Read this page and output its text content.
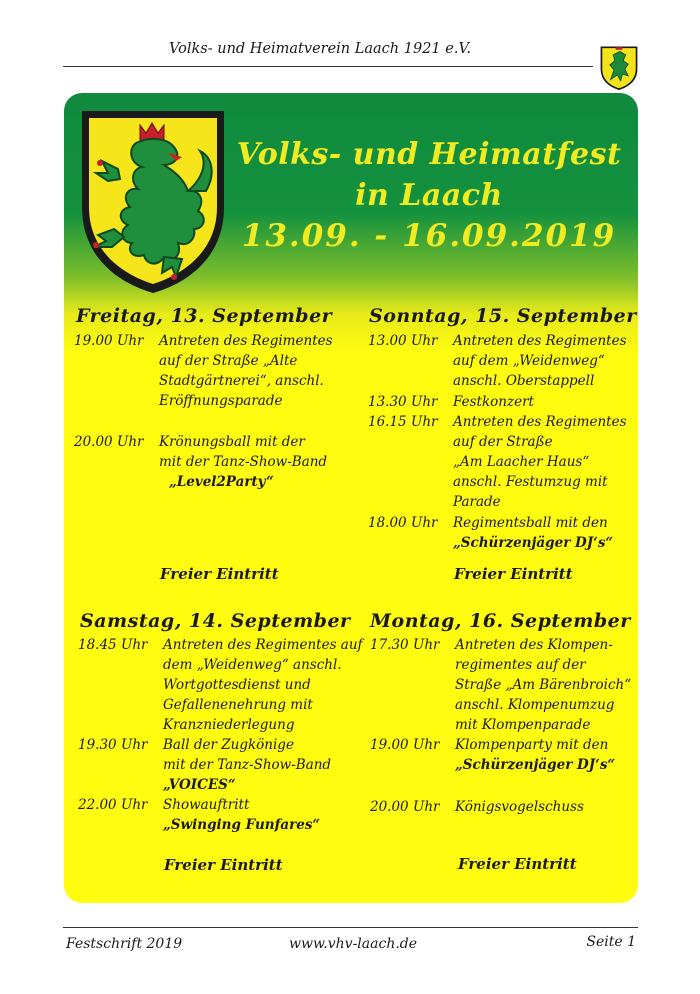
Volks- und Heimatverein Laach 1921 e.V.
Volks- und Heimatfest
in Laach
13.09. - 16.09.2019
Freitag, 13. September
19.00 Uhr	Antreten des Regimentes
auf der Straße „Alte
Stadtgärtnerei“, anschl.
Eröffnungsparade
20.00 Uhr	Krönungsball mit der
mit der Tanz-Show-Band
„Level2Party“
Freier Eintritt
Sonntag, 15. September
13.00 Uhr	Antreten des Regimentes
auf dem „Weidenweg“
anschl. Oberstappell
13.30 Uhr	Festkonzert
16.15 Uhr	Antreten des Regimentes
auf der Straße
„Am Laacher Haus“
anschl. Festumzug mit
Parade
18.00 Uhr	Regimentsball mit den
„Schürzenjäger DJ‘s“
Freier Eintritt
Samstag, 14. September
18.45 Uhr	Antreten des Regimentes auf
dem „Weidenweg“ anschl.
Wortgottesdienst und
Gefallenenehrung mit
Kranzniederlegung
19.30 Uhr	Ball der Zugkönige
mit der Tanz-Show-Band
„VOICES“
22.00 Uhr	Showauftritt
„Swinging Funfares“
Freier Eintritt
Montag, 16. September
17.30 Uhr	Antreten des Klompen-
regimentes auf der
Straße „Am Bärenbroich“
anschl. Klompenumzug
mit Klompenparade
19.00 Uhr	Klompenparty mit den
„Schürzenjäger DJ‘s“
20.00 Uhr	Königsvogelschuss
Freier Eintritt
Festschrift 2019	www.vhv-laach.de	Seite 1
